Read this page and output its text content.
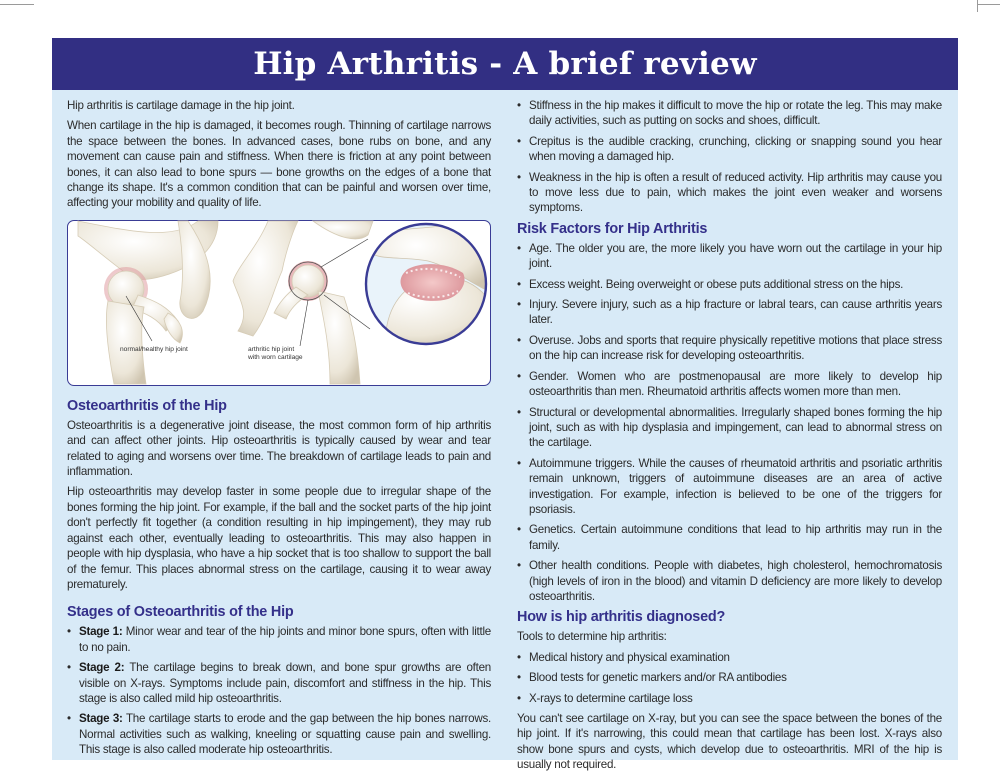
Hip Arthritis - A brief review

Hip arthritis is cartilage damage in the hip joint.

When cartilage in the hip is damaged, it becomes rough. Thinning of cartilage narrows the space between the bones. In advanced cases, bone rubs on bone, and any movement can cause pain and stiffness. When there is friction at any point between bones, it can also lead to bone spurs — bone growths on the edges of a bone that change its shape. It's a common condition that can be painful and worsen over time, affecting your mobility and quality of life.

normal/healthy hip joint	arthritic hip joint
with worn cartilage
Osteoarthritis of the Hip

Osteoarthritis is a degenerative joint disease, the most common form of hip arthritis and can affect other joints. Hip osteoarthritis is typically caused by wear and tear related to aging and worsens over time. The breakdown of cartilage leads to pain and inflammation.

Hip osteoarthritis may develop faster in some people due to irregular shape of the bones forming the hip joint. For example, if the ball and the socket parts of the hip joint don't perfectly fit together (a condition resulting in hip impingement), they may rub against each other, eventually leading to osteoarthritis. This may also happen in people with hip dysplasia, who have a hip socket that is too shallow to support the ball of the femur. This places abnormal stress on the cartilage, causing it to wear away prematurely.

Stages of Osteoarthritis of the Hip
• Stage 1: Minor wear and tear of the hip joints and minor bone spurs, often with little to no pain.
• Stage 2: The cartilage begins to break down, and bone spur growths are often visible on X-rays. Symptoms include pain, discomfort and stiffness in the hip. This stage is also called mild hip osteoarthritis.
• Stage 3: The cartilage starts to erode and the gap between the hip bones narrows. Normal activities such as walking, kneeling or squatting cause pain and swelling. This stage is also called moderate hip osteoarthritis.
• Stiffness in the hip makes it difficult to move the hip or rotate the leg. This may make daily activities, such as putting on socks and shoes, difficult.
• Crepitus is the audible cracking, crunching, clicking or snapping sound you hear when moving a damaged hip.
• Weakness in the hip is often a result of reduced activity. Hip arthritis may cause you to move less due to pain, which makes the joint even weaker and worsens symptoms.
Risk Factors for Hip Arthritis
• Age. The older you are, the more likely you have worn out the cartilage in your hip joint.
• Excess weight. Being overweight or obese puts additional stress on the hips.
• Injury. Severe injury, such as a hip fracture or labral tears, can cause arthritis years later.
• Overuse. Jobs and sports that require physically repetitive motions that place stress on the hip can increase risk for developing osteoarthritis.
• Gender. Women who are postmenopausal are more likely to develop hip osteoarthritis than men. Rheumatoid arthritis affects women more than men.
• Structural or developmental abnormalities. Irregularly shaped bones forming the hip joint, such as with hip dysplasia and impingement, can lead to abnormal stress on the cartilage.
• Autoimmune triggers. While the causes of rheumatoid arthritis and psoriatic arthritis remain unknown, triggers of autoimmune diseases are an area of active investigation. For example, infection is believed to be one of the triggers for psoriasis.
• Genetics. Certain autoimmune conditions that lead to hip arthritis may run in the family.
• Other health conditions. People with diabetes, high cholesterol, hemochromatosis (high levels of iron in the blood) and vitamin D deficiency are more likely to develop osteoarthritis.
How is hip arthritis diagnosed?

Tools to determine hip arthritis:

• Medical history and physical examination
• Blood tests for genetic markers and/or RA antibodies
• X-rays to determine cartilage loss

You can't see cartilage on X-ray, but you can see the space between the bones of the hip joint. If it's narrowing, this could mean that cartilage has been lost. X-rays also show bone spurs and cysts, which develop due to osteoarthritis. MRI of the hip is usually not required.
